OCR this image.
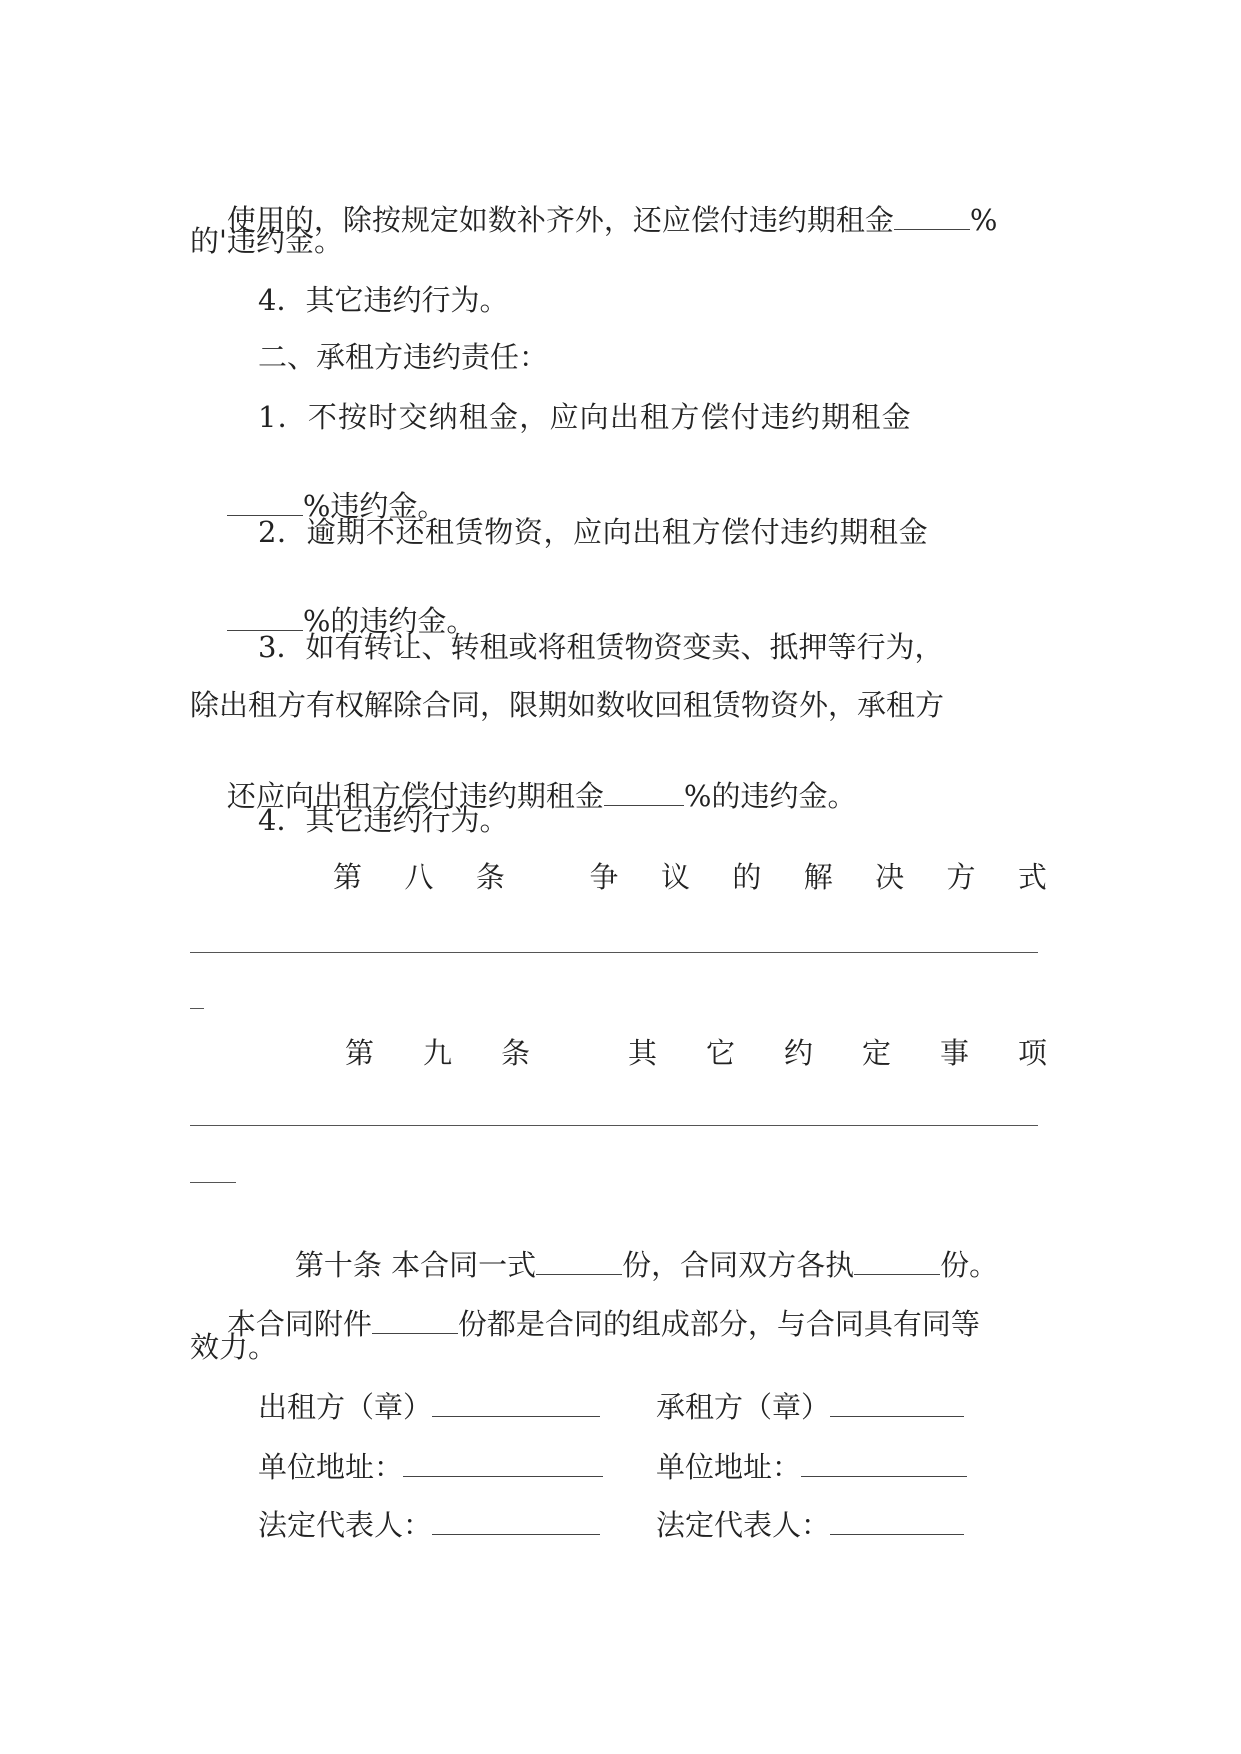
使用的，除按规定如数补齐外，还应偿付违约期租金	%

的'违约金。
4．其它违约行为。
二、承租方违约责任：
1．不按时交纳租金，应向出租方偿付违约期租金

%违约金。

2．逾期不还租赁物资，应向出租方偿付违约期租金

%的违约金。

3．如有转让、转租或将租赁物资变卖、抵押等行为，
除出租方有权解除合同，限期如数收回租赁物资外，承租方

还应向出租方偿付违约期租金	%的违约金。

4．其它违约行为。
第 八 条	争 议 的 解 决 方 式
第 九 条	其 它 约 定 事 项

第十条 本合同一式	份，合同双方各执	份。

本合同附件	份都是合同的组成部分，与合同具有同等

效力。
出租方（章）	承租方（章）
单位地址：	单位地址：
法定代表人：	法定代表人：
